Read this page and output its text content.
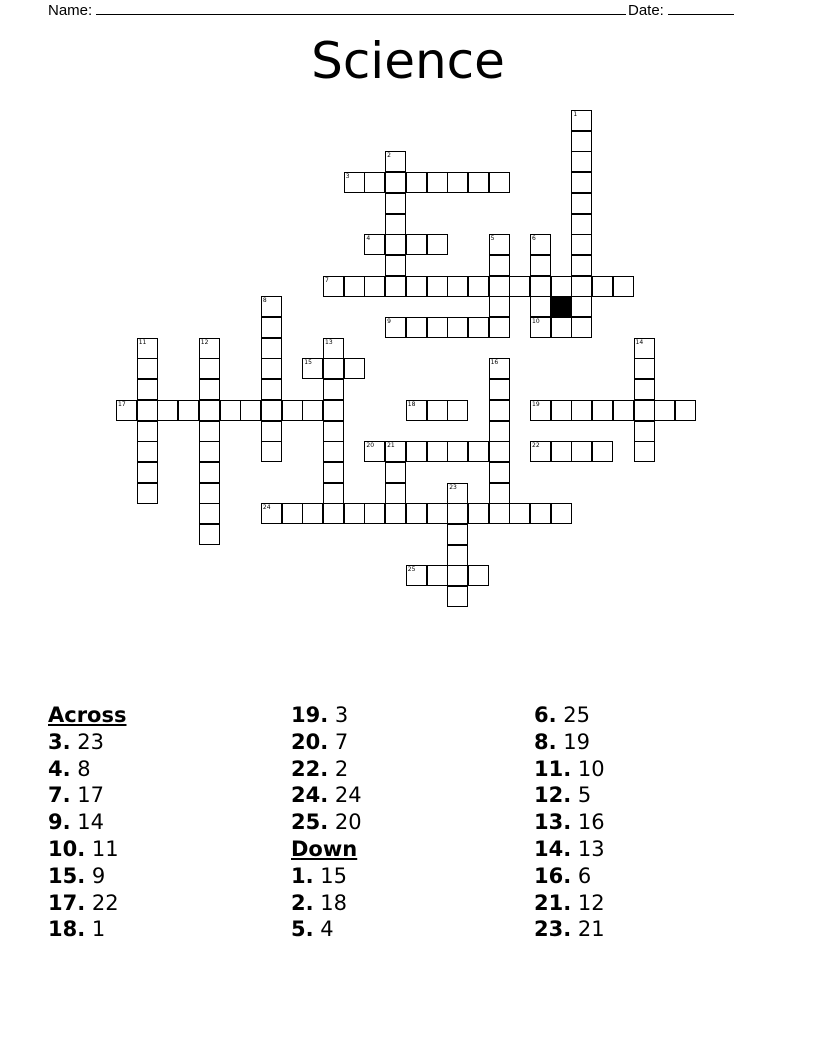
Name:	Date:
Science
1
2
3
4	5	6
7
8
9	10
11	12	13	14
15	16
17	18	19
20 21	22
23
24
25
Across
3. 23
4. 8
7. 17
9. 14
10. 11
15. 9
17. 22
18. 1
19. 3
20. 7
22. 2
24. 24
25. 20
Down
1. 15
2. 18
5. 4
6. 25
8. 19
11. 10
12. 5
13. 16
14. 13
16. 6
21. 12
23. 21
